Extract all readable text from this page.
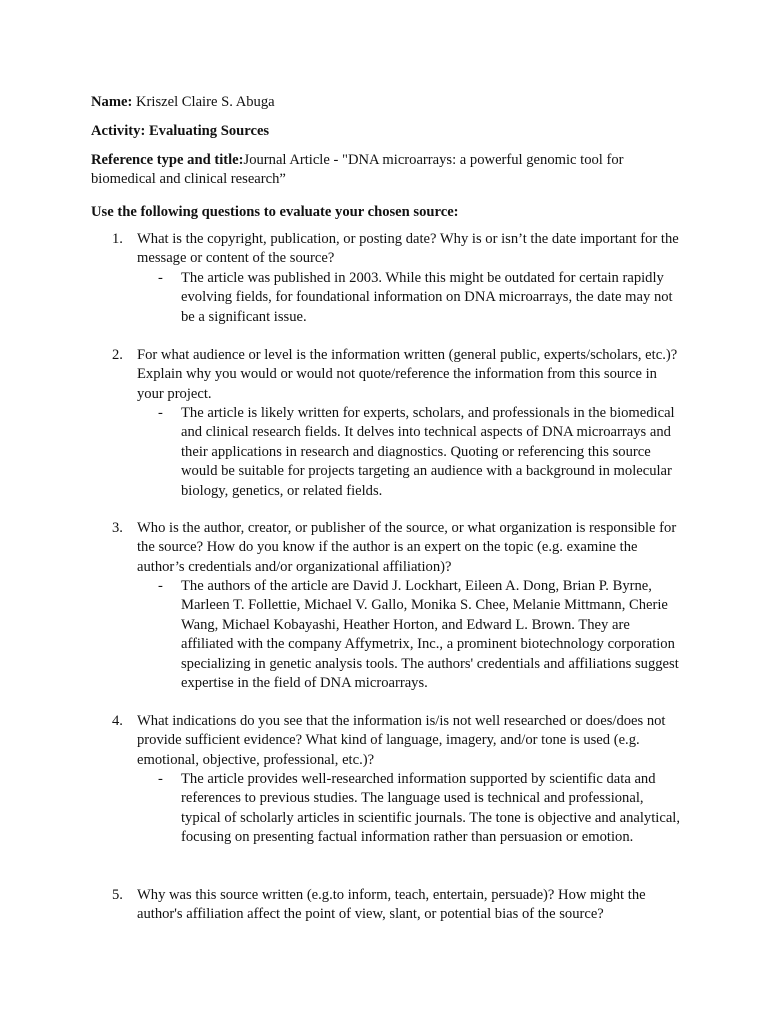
Name: Kriszel Claire S. Abuga
Activity: Evaluating Sources
Reference type and title:Journal Article - "DNA microarrays: a powerful genomic tool for biomedical and clinical research”
Use the following questions to evaluate your chosen source:
1. What is the copyright, publication, or posting date? Why is or isn’t the date important for the message or content of the source?
-	The article was published in 2003. While this might be outdated for certain rapidly evolving fields, for foundational information on DNA microarrays, the date may not be a significant issue.
2. For what audience or level is the information written (general public, experts/scholars, etc.)? Explain why you would or would not quote/reference the information from this source in your project.
-	The article is likely written for experts, scholars, and professionals in the biomedical and clinical research fields. It delves into technical aspects of DNA microarrays and their applications in research and diagnostics. Quoting or referencing this source would be suitable for projects targeting an audience with a background in molecular biology, genetics, or related fields.
3. Who is the author, creator, or publisher of the source, or what organization is responsible for the source? How do you know if the author is an expert on the topic (e.g. examine the author’s credentials and/or organizational affiliation)?
-	The authors of the article are David J. Lockhart, Eileen A. Dong, Brian P. Byrne, Marleen T. Follettie, Michael V. Gallo, Monika S. Chee, Melanie Mittmann, Cherie Wang, Michael Kobayashi, Heather Horton, and Edward L. Brown. They are affiliated with the company Affymetrix, Inc., a prominent biotechnology corporation specializing in genetic analysis tools. The authors' credentials and affiliations suggest expertise in the field of DNA microarrays.
4. What indications do you see that the information is/is not well researched or does/does not provide sufficient evidence? What kind of language, imagery, and/or tone is used (e.g. emotional, objective, professional, etc.)?
-	The article provides well-researched information supported by scientific data and references to previous studies. The language used is technical and professional, typical of scholarly articles in scientific journals. The tone is objective and analytical, focusing on presenting factual information rather than persuasion or emotion.
5. Why was this source written (e.g.to inform, teach, entertain, persuade)? How might the author's affiliation affect the point of view, slant, or potential bias of the source?
